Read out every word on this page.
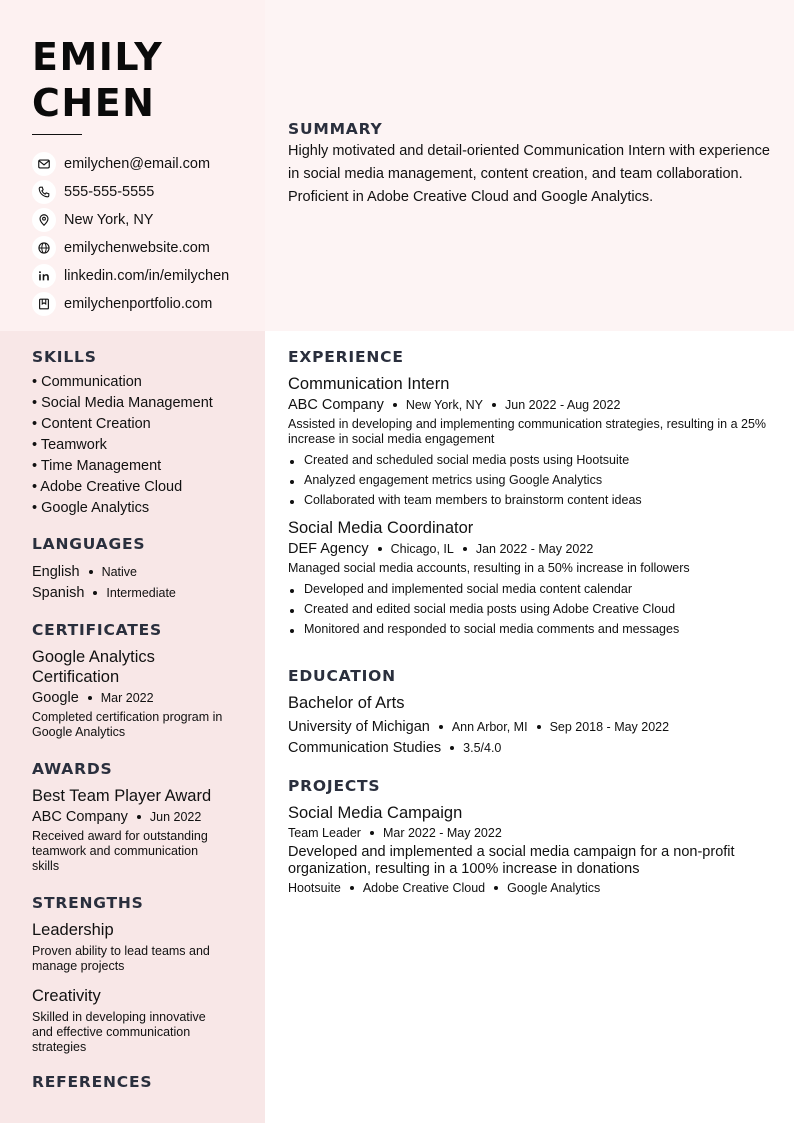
EMILY
CHEN
emilychen@email.com
555-555-5555
New York, NY
emilychenwebsite.com
linkedin.com/in/emilychen
emilychenportfolio.com
SUMMARY

Highly motivated and detail-oriented Communication Intern with experience in social media management, content creation, and team collaboration. Proficient in Adobe Creative Cloud and Google Analytics.

SKILLS
• Communication
• Social Media Management
• Content Creation
• Teamwork
• Time Management
• Adobe Creative Cloud
• Google Analytics
LANGUAGES
English Native
Spanish Intermediate
CERTIFICATES
Google Analytics Certification
Google Mar 2022
Completed certification program in Google Analytics
AWARDS
Best Team Player Award
ABC Company Jun 2022
Received award for outstanding teamwork and communication skills
STRENGTHS
Leadership
Proven ability to lead teams and manage projects
Creativity
Skilled in developing innovative and effective communication strategies
REFERENCES
EXPERIENCE
Communication Intern
ABC Company New York, NY Jun 2022 - Aug 2022
Assisted in developing and implementing communication strategies, resulting in a 25% increase in social media engagement
Created and scheduled social media posts using Hootsuite
Analyzed engagement metrics using Google Analytics
Collaborated with team members to brainstorm content ideas
Social Media Coordinator
DEF Agency Chicago, IL Jan 2022 - May 2022
Managed social media accounts, resulting in a 50% increase in followers
Developed and implemented social media content calendar
Created and edited social media posts using Adobe Creative Cloud
Monitored and responded to social media comments and messages
EDUCATION
Bachelor of Arts
University of Michigan Ann Arbor, MI Sep 2018 - May 2022
Communication Studies 3.5/4.0
PROJECTS
Social Media Campaign
Team Leader Mar 2022 - May 2022
Developed and implemented a social media campaign for a non-profit organization, resulting in a 100% increase in donations
Hootsuite Adobe Creative Cloud Google Analytics
